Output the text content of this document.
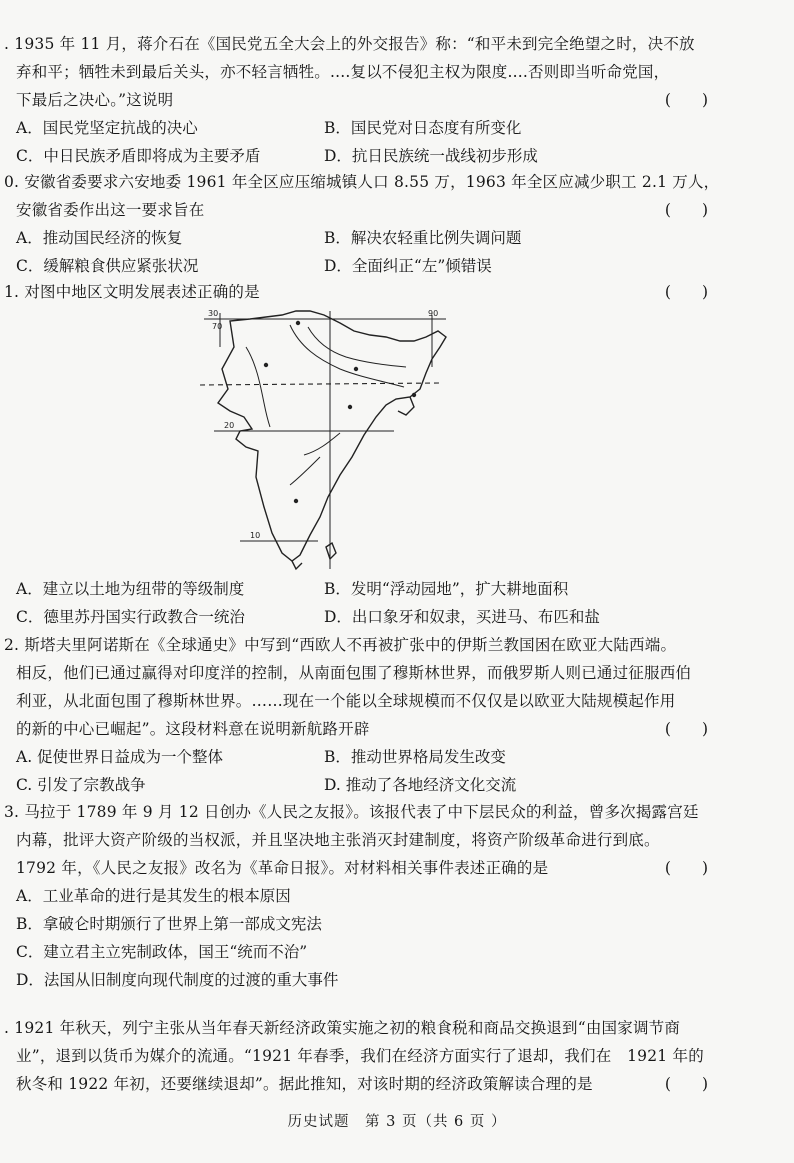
. 1935 年 11 月，蒋介石在《国民党五全大会上的外交报告》称：“和平未到完全绝望之时，决不放
弃和平；牺牲未到最后关头，亦不轻言牺牲。....复以不侵犯主权为限度....否则即当听命党国，
下最后之决心。”这说明	(　　)
A．国民党坚定抗战的决心	B．国民党对日态度有所变化
C．中日民族矛盾即将成为主要矛盾	D．抗日民族统一战线初步形成
0. 安徽省委要求六安地委 1961 年全区应压缩城镇人口 8.55 万，1963 年全区应减少职工 2.1 万人，
安徽省委作出这一要求旨在	(　　)
A．推动国民经济的恢复	B．解决农轻重比例失调问题
C．缓解粮食供应紧张状况	D．全面纠正“左”倾错误
1. 对图中地区文明发展表述正确的是	(　　)
30
70
90
20
10
A．建立以土地为纽带的等级制度	B．发明“浮动园地”，扩大耕地面积
C．德里苏丹国实行政教合一统治	D．出口象牙和奴隶，买进马、布匹和盐
2. 斯塔夫里阿诺斯在《全球通史》中写到“西欧人不再被扩张中的伊斯兰教国困在欧亚大陆西端。
相反，他们已通过赢得对印度洋的控制，从南面包围了穆斯林世界，而俄罗斯人则已通过征服西伯
利亚，从北面包围了穆斯林世界。……现在一个能以全球规模而不仅仅是以欧亚大陆规模起作用
的新的中心已崛起”。这段材料意在说明新航路开辟	(　　)
A. 促使世界日益成为一个整体	B．推动世界格局发生改变
C. 引发了宗教战争	D. 推动了各地经济文化交流
3. 马拉于 1789 年 9 月 12 日创办《人民之友报》。该报代表了中下层民众的利益，曾多次揭露宫廷
内幕，批评大资产阶级的当权派，并且坚决地主张消灭封建制度，将资产阶级革命进行到底。
1792 年，《人民之友报》改名为《革命日报》。对材料相关事件表述正确的是	(　　)
A．工业革命的进行是其发生的根本原因
B．拿破仑时期颁行了世界上第一部成文宪法
C．建立君主立宪制政体，国王“统而不治”
D．法国从旧制度向现代制度的过渡的重大事件
. 1921 年秋天，列宁主张从当年春天新经济政策实施之初的粮食税和商品交换退到“由国家调节商
业”，退到以货币为媒介的流通。“1921 年春季，我们在经济方面实行了退却，我们在　1921 年的
秋冬和 1922 年初，还要继续退却”。据此推知，对该时期的经济政策解读合理的是	(　　)
历史试题　第 3 页（共 6 页 ）
